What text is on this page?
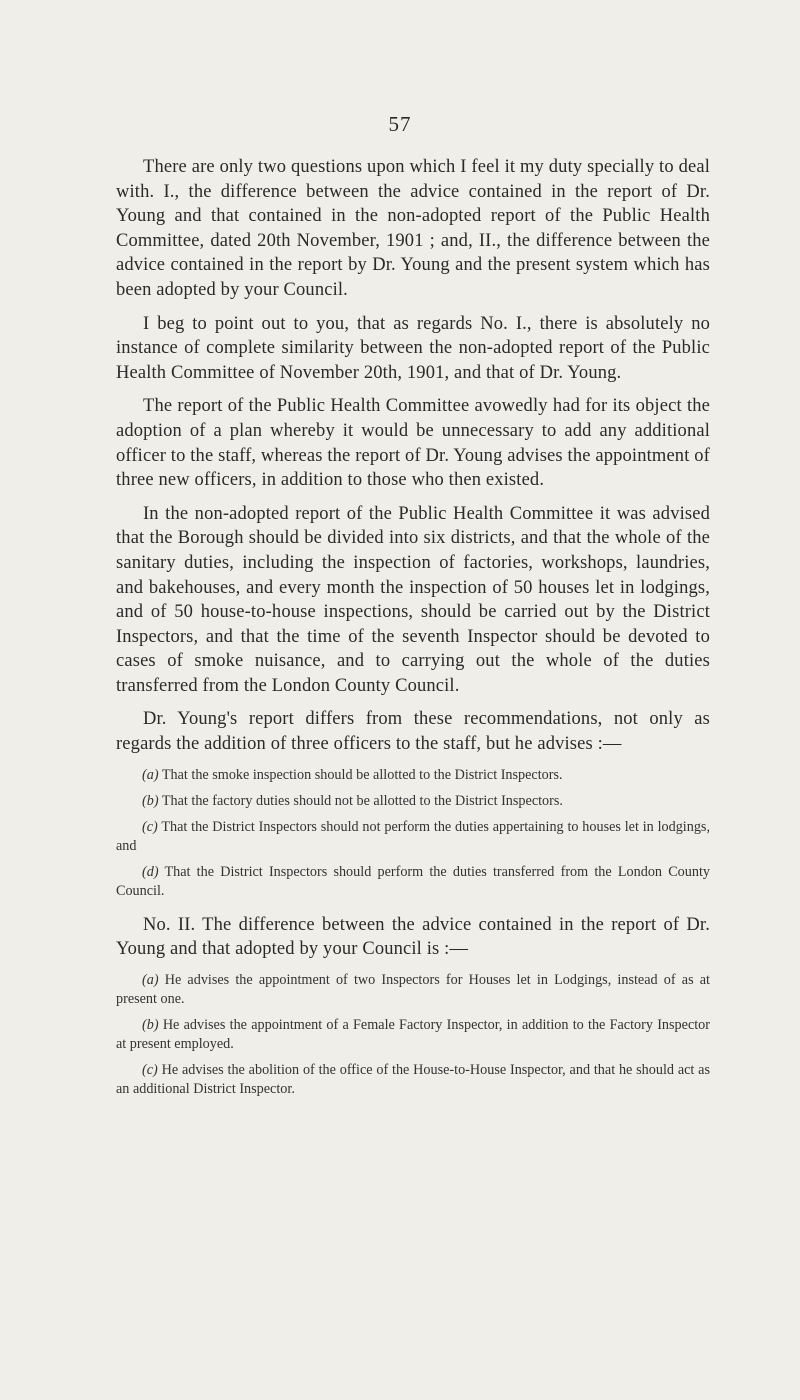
57

There are only two questions upon which I feel it my duty specially to deal with. I., the difference between the advice contained in the report of Dr. Young and that contained in the non-adopted report of the Public Health Committee, dated 20th November, 1901 ; and, II., the difference between the advice contained in the report by Dr. Young and the present system which has been adopted by your Council.

I beg to point out to you, that as regards No. I., there is absolutely no instance of complete similarity between the non-adopted report of the Public Health Committee of November 20th, 1901, and that of Dr. Young.

The report of the Public Health Committee avowedly had for its object the adoption of a plan whereby it would be unnecessary to add any additional officer to the staff, whereas the report of Dr. Young advises the appointment of three new officers, in addition to those who then existed.

In the non-adopted report of the Public Health Committee it was advised that the Borough should be divided into six districts, and that the whole of the sanitary duties, including the inspection of factories, workshops, laundries, and bakehouses, and every month the inspection of 50 houses let in lodgings, and of 50 house-to-house inspections, should be carried out by the District Inspectors, and that the time of the seventh Inspector should be devoted to cases of smoke nuisance, and to carrying out the whole of the duties transferred from the London County Council.

Dr. Young's report differs from these recommendations, not only as regards the addition of three officers to the staff, but he advises :—

(a) That the smoke inspection should be allotted to the District Inspectors.

(b) That the factory duties should not be allotted to the District Inspectors.

(c) That the District Inspectors should not perform the duties appertaining to houses let in lodgings, and

(d) That the District Inspectors should perform the duties transferred from the London County Council.

No. II. The difference between the advice contained in the report of Dr. Young and that adopted by your Council is :—

(a) He advises the appointment of two Inspectors for Houses let in Lodgings, instead of as at present one.

(b) He advises the appointment of a Female Factory Inspector, in addition to the Factory Inspector at present employed.

(c) He advises the abolition of the office of the House-to-House Inspector, and that he should act as an additional District Inspector.
